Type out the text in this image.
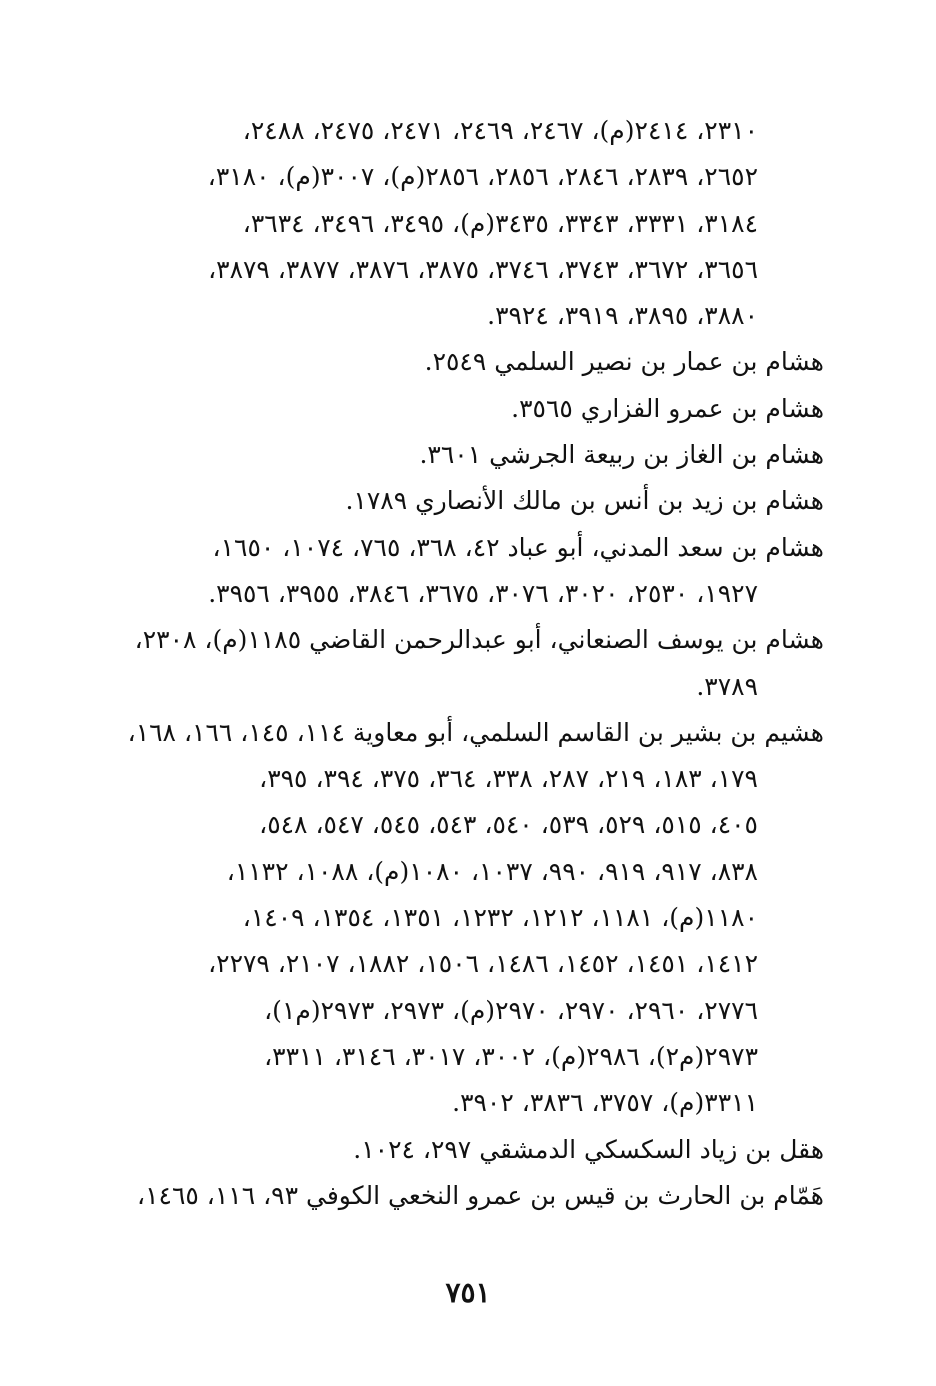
٢٣١٠، ٢٤١٤(م)، ٢٤٦٧، ٢٤٦٩، ٢٤٧١، ٢٤٧٥، ٢٤٨٨،
٢٦٥٢، ٢٨٣٩، ٢٨٤٦، ٢٨٥٦، ٢٨٥٦(م)، ٣٠٠٧(م)، ٣١٨٠،
٣١٨٤، ٣٣٣١، ٣٣٤٣، ٣٤٣٥(م)، ٣٤٩٥، ٣٤٩٦، ٣٦٣٤،
٣٦٥٦، ٣٦٧٢، ٣٧٤٣، ٣٧٤٦، ٣٨٧٥، ٣٨٧٦، ٣٨٧٧، ٣٨٧٩،
٣٨٨٠، ٣٨٩٥، ٣٩١٩، ٣٩٢٤.
هشام بن عمار بن نصير السلمي ٢٥٤٩.
هشام بن عمرو الفزاري ٣٥٦٥.
هشام بن الغاز بن ربيعة الجرشي ٣٦٠١.
هشام بن زيد بن أنس بن مالك الأنصاري ١٧٨٩.
هشام بن سعد المدني، أبو عباد ٤٢، ٣٦٨، ٧٦٥، ١٠٧٤، ١٦٥٠،
١٩٢٧، ٢٥٣٠، ٣٠٢٠، ٣٠٧٦، ٣٦٧٥، ٣٨٤٦، ٣٩٥٥، ٣٩٥٦.
هشام بن يوسف الصنعاني، أبو عبدالرحمن القاضي ١١٨٥(م)، ٢٣٠٨،
٣٧٨٩.
هشيم بن بشير بن القاسم السلمي، أبو معاوية ١١٤، ١٤٥، ١٦٦، ١٦٨،
١٧٩، ١٨٣، ٢١٩، ٢٨٧، ٣٣٨، ٣٦٤، ٣٧٥، ٣٩٤، ٣٩٥،
٤٠٥، ٥١٥، ٥٢٩، ٥٣٩، ٥٤٠، ٥٤٣، ٥٤٥، ٥٤٧، ٥٤٨،
٨٣٨، ٩١٧، ٩١٩، ٩٩٠، ١٠٣٧، ١٠٨٠(م)، ١٠٨٨، ١١٣٢،
١١٨٠(م)، ١١٨١، ١٢١٢، ١٢٣٢، ١٣٥١، ١٣٥٤، ١٤٠٩،
١٤١٢، ١٤٥١، ١٤٥٢، ١٤٨٦، ١٥٠٦، ١٨٨٢، ٢١٠٧، ٢٢٧٩،
٢٧٧٦، ٢٩٦٠، ٢٩٧٠، ٢٩٧٠(م)، ٢٩٧٣، ٢٩٧٣(م١)،
٢٩٧٣(م٢)، ٢٩٨٦(م)، ٣٠٠٢، ٣٠١٧، ٣١٤٦، ٣٣١١،
٣٣١١(م)، ٣٧٥٧، ٣٨٣٦، ٣٩٠٢.
هقل بن زياد السكسكي الدمشقي ٢٩٧، ١٠٢٤.
هَمّام بن الحارث بن قيس بن عمرو النخعي الكوفي ٩٣، ١١٦، ١٤٦٥،
٧٥١
